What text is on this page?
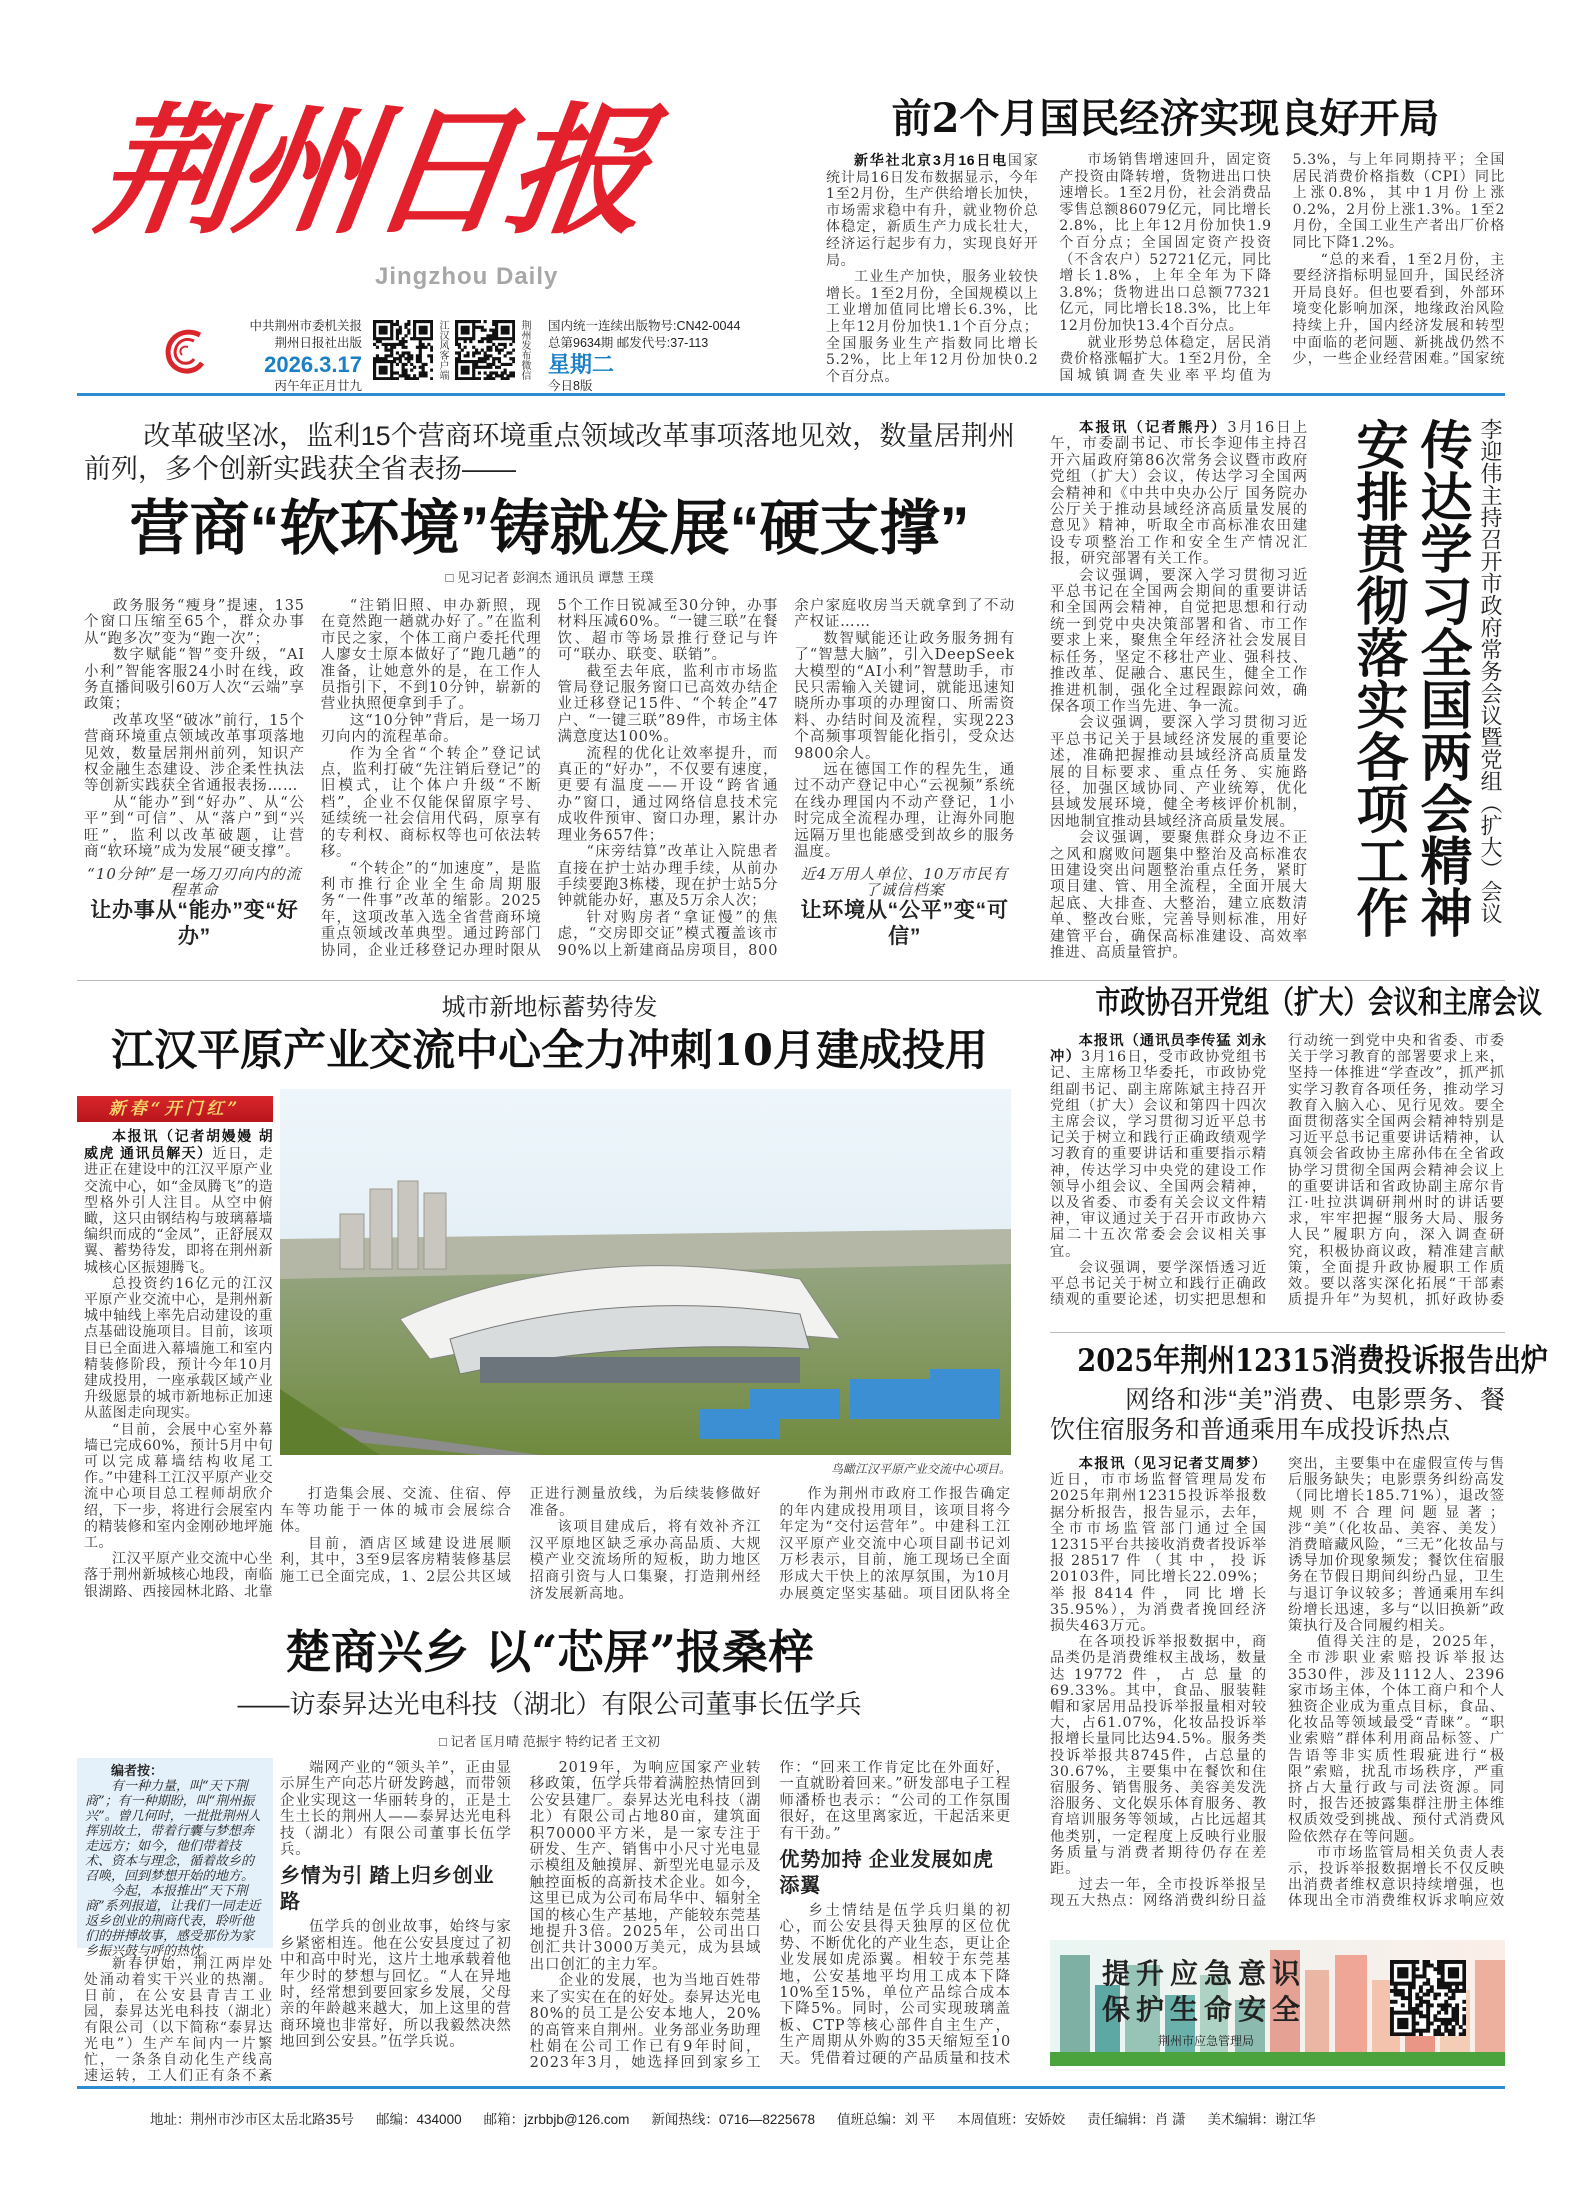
荆州日报
Jingzhou Daily
中共荆州市委机关报
荆州日报社出版
2026.3.17
丙午年正月廿九
江汉风客户端	荆州发布微信 国内统一连续出版物号:CN42-0044
总第9634期 邮发代号:37-113
星期二
今日8版
前2个月国民经济实现良好开局

新华社北京3月16日电国家统计局16日发布数据显示，今年1至2月份，生产供给增长加快，市场需求稳中有升，就业物价总体稳定，新质生产力成长壮大，经济运行起步有力，实现良好开局。

工业生产加快，服务业较快增长。1至2月份，全国规模以上工业增加值同比增长6.3%，比上年12月份加快1.1个百分点；全国服务业生产指数同比增长5.2%，比上年12月份加快0.2个百分点。

市场销售增速回升，固定资产投资由降转增，货物进出口快速增长。1至2月份，社会消费品零售总额86079亿元，同比增长2.8%，比上年12月份加快1.9个百分点；全国固定资产投资（不含农户）52721亿元，同比增长1.8%，上年全年为下降3.8%；货物进出口总额77321亿元，同比增长18.3%，比上年12月份加快13.4个百分点。

就业形势总体稳定，居民消费价格涨幅扩大。1至2月份，全国城镇调查失业率平均值为5.3%，与上年同期持平；全国居民消费价格指数（CPI）同比上涨0.8%，其中1月份上涨0.2%，2月份上涨1.3%。1至2月份，全国工业生产者出厂价格同比下降1.2%。

“总的来看，1至2月份，主要经济指标明显回升，国民经济开局良好。但也要看到，外部环境变化影响加深，地缘政治风险持续上升，国内经济发展和转型中面临的老问题、新挑战仍然不少，一些企业经营困难。”国家统

改革破坚冰，监利15个营商环境重点领域改革事项落地见效，数量居荆州前列，多个创新实践获全省表扬——
营商“软环境”铸就发展“硬支撑”
□ 见习记者 彭润杰 通讯员 谭慧 王璞

政务服务“瘦身”提速，135个窗口压缩至65个，群众办事从“跑多次”变为“跑一次”；

数字赋能“智”变升级，“AI小利”智能客服24小时在线，政务直播间吸引60万人次“云端”享政策；

改革攻坚“破冰”前行，15个营商环境重点领域改革事项落地见效，数量居荆州前列，知识产权金融生态建设、涉企柔性执法等创新实践获全省通报表扬……

从“能办”到“好办”、从“公平”到“可信”、从“落户”到“兴旺”，监利以改革破题，让营商“软环境”成为发展“硬支撑”。

“10分钟”是一场刀刃向内的流程革命
让办事从“能办”变“好办”

“注销旧照、申办新照，现在竟然跑一趟就办好了。”在监利市民之家，个体工商户委托代理人廖女士原本做好了“跑几趟”的准备，让她意外的是，在工作人员指引下，不到10分钟，崭新的营业执照便拿到手了。

这“10分钟”背后，是一场刀刃向内的流程革命。

作为全省“个转企”登记试点，监利打破“先注销后登记”的旧模式，让个体户升级“不断档”，企业不仅能保留原字号、延续统一社会信用代码，原享有的专利权、商标权等也可依法转移。

“个转企”的“加速度”，是监利市推行企业全生命周期服务“一件事”改革的缩影。2025年，这项改革入选全省营商环境重点领域改革典型。通过跨部门协同，企业迁移登记办理时限从5个工作日锐减至30分钟，办事材料压减60%。“一键三联”在餐饮、超市等场景推行登记与许可“联办、联变、联销”。

截至去年底，监利市市场监管局登记服务窗口已高效办结企业迁移登记15件、“个转企”47户、“一键三联”89件，市场主体满意度达100%。

流程的优化让效率提升，而真正的“好办”，不仅要有速度，更要有温度——开设“跨省通办”窗口，通过网络信息技术完成收件预审、窗口办理，累计办理业务657件；

“床旁结算”改革让入院患者直接在护士站办理手续，从前办手续要跑3栋楼，现在护士站5分钟就能办好，惠及5万余人次；

针对购房者“拿证慢”的焦虑，“交房即交证”模式覆盖该市90%以上新建商品房项目，800余户家庭收房当天就拿到了不动产权证……

数智赋能还让政务服务拥有了“智慧大脑”，引入DeepSeek大模型的“AI小利”智慧助手，市民只需输入关键词，就能迅速知晓所办事项的办理窗口、所需资料、办结时间及流程，实现223个高频事项智能化指引，受众达9800余人。

远在德国工作的程先生，通过不动产登记中心“云视频”系统在线办理国内不动产登记，1小时完成全流程办理，让海外同胞远隔万里也能感受到故乡的服务温度。

近4万用人单位、10万市民有了诚信档案
让环境从“公平”变“可信”

本报讯（记者熊丹）3月16日上午，市委副书记、市长李迎伟主持召开六届政府第86次常务会议暨市政府党组（扩大）会议，传达学习全国两会精神和《中共中央办公厅 国务院办公厅关于推动县域经济高质量发展的意见》精神，听取全市高标准农田建设专项整治工作和安全生产情况汇报，研究部署有关工作。

会议强调，要深入学习贯彻习近平总书记在全国两会期间的重要讲话和全国两会精神，自觉把思想和行动统一到党中央决策部署和省、市工作要求上来，聚焦全年经济社会发展目标任务，坚定不移壮产业、强科技、推改革、促融合、惠民生，健全工作推进机制，强化全过程跟踪问效，确保各项工作当先进、争一流。

会议强调，要深入学习贯彻习近平总书记关于县域经济发展的重要论述，准确把握推动县域经济高质量发展的目标要求、重点任务、实施路径，加强区域协同、产业统筹，优化县域发展环境，健全考核评价机制，因地制宜推动县域经济高质量发展。

会议强调，要聚焦群众身边不正之风和腐败问题集中整治及高标准农田建设突出问题整治重点任务，紧盯项目建、管、用全流程，全面开展大起底、大排查、大整治，建立底数清单、整改台账，完善导则标准，用好建管平台，确保高标准建设、高效率推进、高质量管护。

李迎伟主持召开市政府常务会议暨党组（扩大）会议
传达学习全国两会精神
安排贯彻落实各项工作
城市新地标蓄势待发
江汉平原产业交流中心全力冲刺10月建成投用
新春“开门红”

本报讯（记者胡嫚嫚 胡威虎 通讯员解天）近日，走进正在建设中的江汉平原产业交流中心，如“金凤腾飞”的造型格外引人注目。从空中俯瞰，这只由钢结构与玻璃幕墙编织而成的“金凤”，正舒展双翼、蓄势待发，即将在荆州新城核心区振翅腾飞。

总投资约16亿元的江汉平原产业交流中心，是荆州新城中轴线上率先启动建设的重点基础设施项目。目前，该项目已全面进入幕墙施工和室内精装修阶段，预计今年10月建成投用，一座承载区域产业升级愿景的城市新地标正加速从蓝图走向现实。

“目前，会展中心室外幕墙已完成60%，预计5月中旬可以完成幕墙结构收尾工作。”中建科工江汉平原产业交流中心项目总工程师胡欣介绍，下一步，将进行会展室内的精装修和室内金刚砂地坪施工。

江汉平原产业交流中心坐落于荆州新城核心地段，南临银湖路、西接园林北路、北靠

鸟瞰江汉平原产业交流中心项目。

打造集会展、交流、住宿、停车等功能于一体的城市会展综合体。

目前，酒店区域建设进展顺利，其中，3至9层客房精装修基层施工已全面完成，1、2层公共区域正进行测量放线，为后续装修做好准备。

该项目建成后，将有效补齐江汉平原地区缺乏承办高品质、大规模产业交流场所的短板，助力地区招商引资与人口集聚，打造荆州经济发展新高地。

作为荆州市政府工作报告确定的年内建成投用项目，该项目将今年定为“交付运营年”。中建科工江汉平原产业交流中心项目副书记刘万杉表示，目前，施工现场已全面形成大干快上的浓厚氛围，为10月办展奠定坚实基础。项目团队将全

楚商兴乡 以“芯屏”报桑梓
——访泰昇达光电科技（湖北）有限公司董事长伍学兵
□ 记者 匡月晴 范振宇 特约记者 王文初
编者按：
有一种力量，叫“天下荆商”；有一种期盼，叫“荆州振兴”。曾几何时，一批批荆州人挥别故土，带着行囊与梦想奔走远方；如今，他们带着技术、资本与理念，循着故乡的召唤，回到梦想开始的地方。
今起，本报推出“天下荆商”系列报道，让我们一同走近返乡创业的荆商代表，聆听他们的拼搏故事，感受那份为家乡振兴鼓与呼的热忱。

新春伊始，荆江两岸处处涌动着实干兴业的热潮。日前，在公安县青吉工业园，泰昇达光电科技（湖北）有限公司（以下简称“泰昇达光电”）生产车间内一片繁忙，一条条自动化生产线高速运转，工人们正有条不紊

端网产业的“领头羊”，正由显示屏生产向芯片研发跨越，而带领企业实现这一华丽转身的，正是土生土长的荆州人——泰昇达光电科技（湖北）有限公司董事长伍学兵。

乡情为引 踏上归乡创业路

伍学兵的创业故事，始终与家乡紧密相连。他在公安县度过了初中和高中时光，这片土地承载着他年少时的梦想与回忆。“人在异地时，经常想到要回家乡发展，父母亲的年龄越来越大，加上这里的营商环境也非常好，所以我毅然决然地回到公安县。”伍学兵说。

2019年，为响应国家产业转移政策，伍学兵带着满腔热情回到公安县建厂。泰昇达光电科技（湖北）有限公司占地80亩，建筑面积70000平方米，是一家专注于研发、生产、销售中小尺寸光电显示模组及触摸屏、新型光电显示及触控面板的高新技术企业。如今，这里已成为公司布局华中、辐射全国的核心生产基地，产能较东莞基地提升3倍。2025年，公司出口创汇共计3000万美元，成为县域出口创汇的主力军。

企业的发展，也为当地百姓带来了实实在在的好处。泰昇达光电80%的员工是公安本地人，20%的高管来自荆州。业务部业务助理杜娟在公司工作已有9年时间，2023年3月，她选择回到家乡工作：“回来工作肯定比在外面好，一直就盼着回来。”研发部电子工程师潘桥也表示：“公司的工作氛围很好，在这里离家近，干起活来更有干劲。”

优势加持 企业发展如虎添翼

乡土情结是伍学兵归巢的初心，而公安县得天独厚的区位优势、不断优化的产业生态，更让企业发展如虎添翼。相较于东莞基地，公安基地平均用工成本下降10%至15%，单位产品综合成本下降5%。同时，公司实现玻璃盖板、CTP等核心部件自主生产，生产周期从外购的35天缩短至10天。凭借着过硬的产品质量和技术

市政协召开党组（扩大）会议和主席会议

本报讯（通讯员李传猛 刘永冲）3月16日，受市政协党组书记、主席杨卫华委托，市政协党组副书记、副主席陈斌主持召开党组（扩大）会议和第四十四次主席会议，学习贯彻习近平总书记关于树立和践行正确政绩观学习教育的重要讲话和重要指示精神，传达学习中央党的建设工作领导小组会议、全国两会精神，以及省委、市委有关会议文件精神，审议通过关于召开市政协六届二十五次常委会会议相关事宜。

会议强调，要学深悟透习近平总书记关于树立和践行正确政绩观的重要论述，切实把思想和行动统一到党中央和省委、市委关于学习教育的部署要求上来，坚持一体推进“学查改”，抓严抓实学习教育各项任务，推动学习教育入脑入心、见行见效。要全面贯彻落实全国两会精神特别是习近平总书记重要讲话精神，认真领会省政协主席孙伟在全省政协学习贯彻全国两会精神会议上的重要讲话和省政协副主席尔肯江·吐拉洪调研荆州时的讲话要求，牢牢把握“服务大局、服务人民”履职方向，深入调查研究，积极协商议政，精准建言献策，全面提升政协履职工作质效。要以落实深化拓展“干部素质提升年”为契机，抓好政协委

2025年荆州12315消费投诉报告出炉
网络和涉“美”消费、电影票务、餐饮住宿服务和普通乘用车成投诉热点

本报讯（见习记者艾周梦）近日，市市场监督管理局发布2025年荆州12315投诉举报数据分析报告，报告显示，去年，全市市场监管部门通过全国12315平台共接收消费者投诉举报28517件（其中，投诉20103件，同比增长22.09%；举报8414件，同比增长35.95%），为消费者挽回经济损失463万元。

在各项投诉举报数据中，商品类仍是消费维权主战场，数量达19772件，占总量的69.33%。其中，食品、服装鞋帽和家居用品投诉举报量相对较大，占61.07%，化妆品投诉举报增长量同比达94.5%。服务类投诉举报共8745件，占总量的30.67%，主要集中在餐饮和住宿服务、销售服务、美容美发洗浴服务、文化娱乐体育服务、教育培训服务等领域，占比远超其他类别，一定程度上反映行业服务质量与消费者期待仍存在差距。

过去一年，全市投诉举报呈现五大热点：网络消费纠纷日益突出，主要集中在虚假宣传与售后服务缺失；电影票务纠纷高发（同比增长185.71%），退改签规则不合理问题显著；涉“美”（化妆品、美容、美发）消费暗藏风险，“三无”化妆品与诱导加价现象频发；餐饮住宿服务在节假日期间纠纷凸显，卫生与退订争议较多；普通乘用车纠纷增长迅速，多与“以旧换新”政策执行及合同履约相关。

值得关注的是，2025年，全市涉职业索赔投诉举报达3530件，涉及1112人、2396家市场主体，个体工商户和个人独资企业成为重点目标，食品、化妆品等领域最受“青睐”。“职业索赔”群体利用商品标签、广告语等非实质性瑕疵进行“极限”索赔，扰乱市场秩序，严重挤占大量行政与司法资源。同时，报告还披露集群注册主体维权质效受到挑战、预付式消费风险依然存在等问题。

市市场监管局相关负责人表示，投诉举报数据增长不仅反映出消费者维权意识持续增强，也体现出全市消费维权诉求响应效

提升应急意识
保护生命安全
荆州市应急管理局
地址：荆州市沙市区太岳北路35号 邮编：434000 邮箱：jzrbbjb@126.com 新闻热线：0716—8225678 值班总编：刘 平 本周值班：安娇姣 责任编辑：肖 潇 美术编辑：谢江华
